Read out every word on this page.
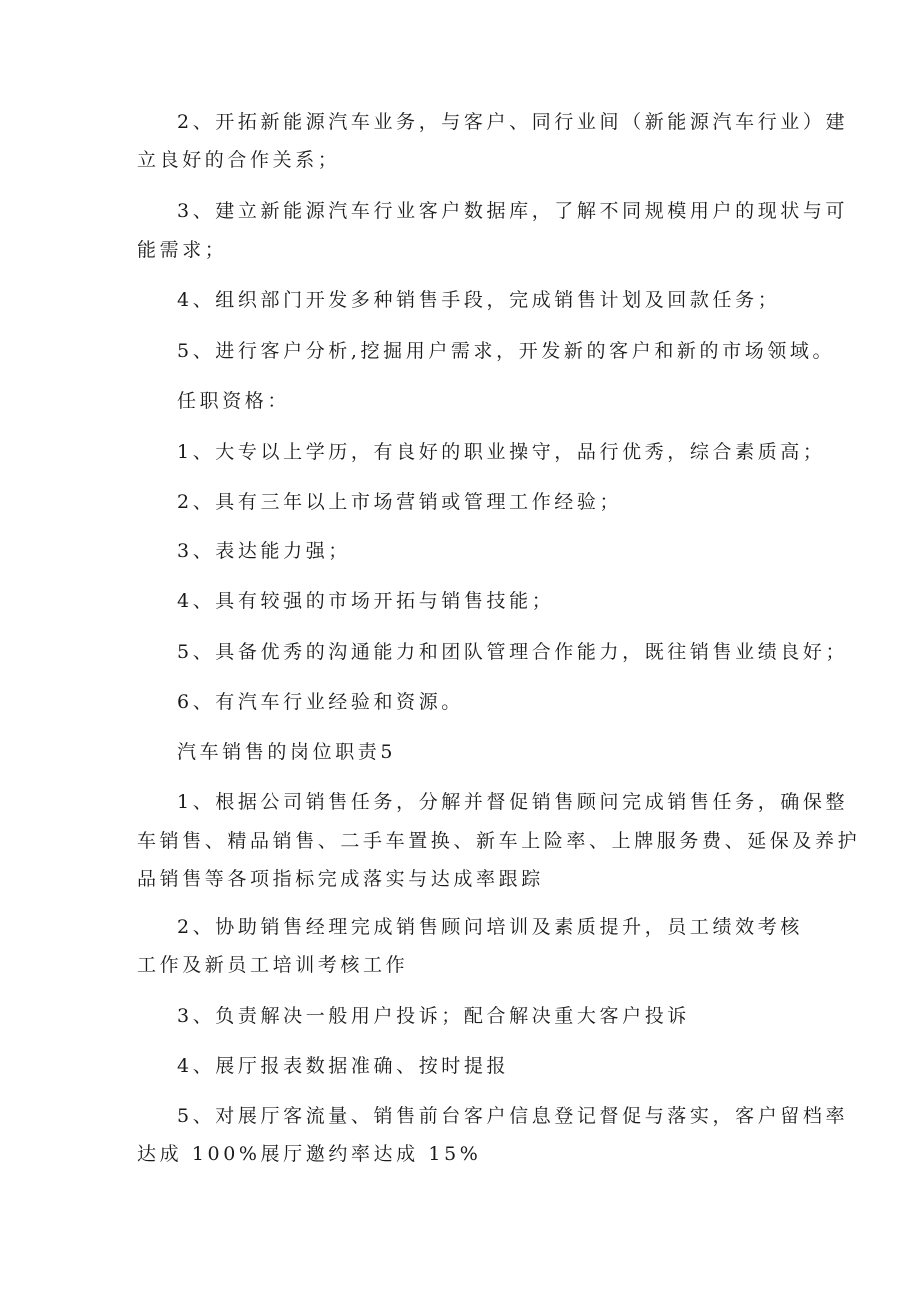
2、开拓新能源汽车业务，与客户、同行业间（新能源汽车行业）建
立良好的合作关系；
3、建立新能源汽车行业客户数据库，了解不同规模用户的现状与可
能需求；
4、组织部门开发多种销售手段，完成销售计划及回款任务；
5、进行客户分析,挖掘用户需求，开发新的客户和新的市场领域。
任职资格：
1、大专以上学历，有良好的职业操守，品行优秀，综合素质高；
2、具有三年以上市场营销或管理工作经验；
3、表达能力强；
4、具有较强的市场开拓与销售技能；
5、具备优秀的沟通能力和团队管理合作能力，既往销售业绩良好；
6、有汽车行业经验和资源。
汽车销售的岗位职责5
1、根据公司销售任务，分解并督促销售顾问完成销售任务，确保整
车销售、精品销售、二手车置换、新车上险率、上牌服务费、延保及养护
品销售等各项指标完成落实与达成率跟踪
2、协助销售经理完成销售顾问培训及素质提升，员工绩效考核
工作及新员工培训考核工作
3、负责解决一般用户投诉；配合解决重大客户投诉
4、展厅报表数据准确、按时提报
5、对展厅客流量、销售前台客户信息登记督促与落实，客户留档率
达成 100%展厅邀约率达成 15%
